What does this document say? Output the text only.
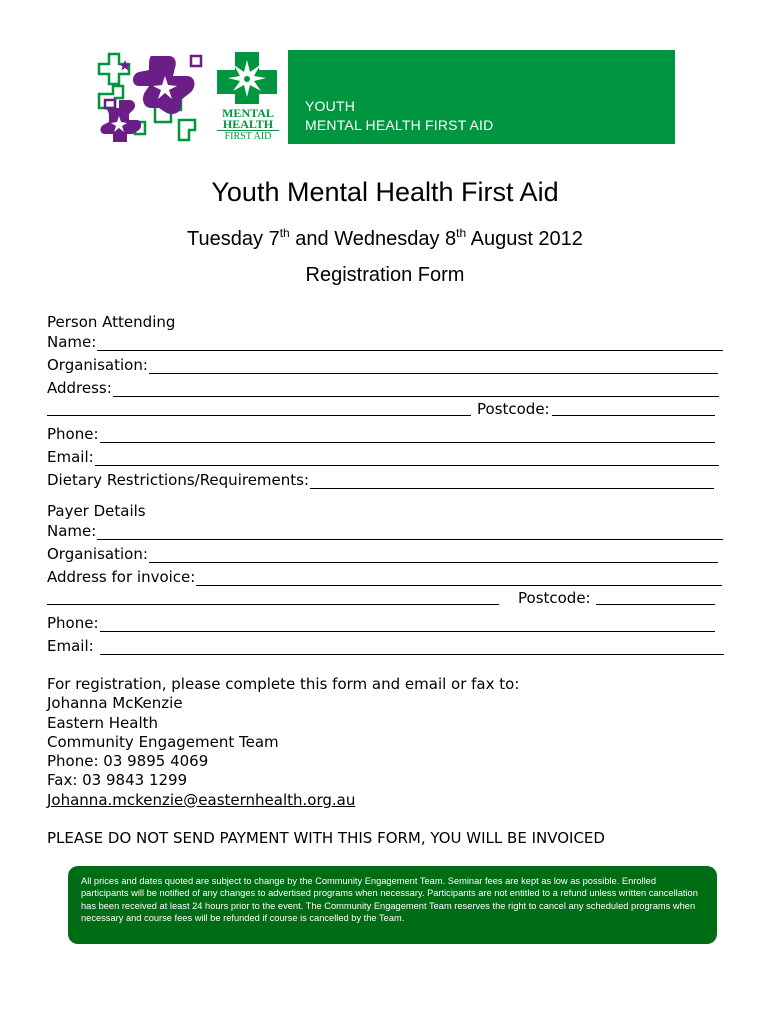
MENTAL
HEALTH
FIRST AID
YOUTH
MENTAL HEALTH FIRST AID
Youth Mental Health First Aid
Tuesday 7th and Wednesday 8th August 2012
Registration Form
Person Attending
Name:
Organisation:
Address:
Postcode:
Phone:
Email:
Dietary Restrictions/Requirements:
Payer Details
Name:
Organisation:
Address for invoice:
Postcode:
Phone:
Email:
For registration, please complete this form and email or fax to:
Johanna McKenzie
Eastern Health
Community Engagement Team
Phone: 03 9895 4069
Fax: 03 9843 1299
Johanna.mckenzie@easternhealth.org.au
PLEASE DO NOT SEND PAYMENT WITH THIS FORM, YOU WILL BE INVOICED
All prices and dates quoted are subject to change by the Community Engagement Team. Seminar fees are kept as low as possible. Enrolled participants will be notified of any changes to advertised programs when necessary. Participants are not entitled to a refund unless written cancellation has been received at least 24 hours prior to the event. The Community Engagement Team reserves the right to cancel any scheduled programs when necessary and course fees will be refunded if course is cancelled by the Team.
